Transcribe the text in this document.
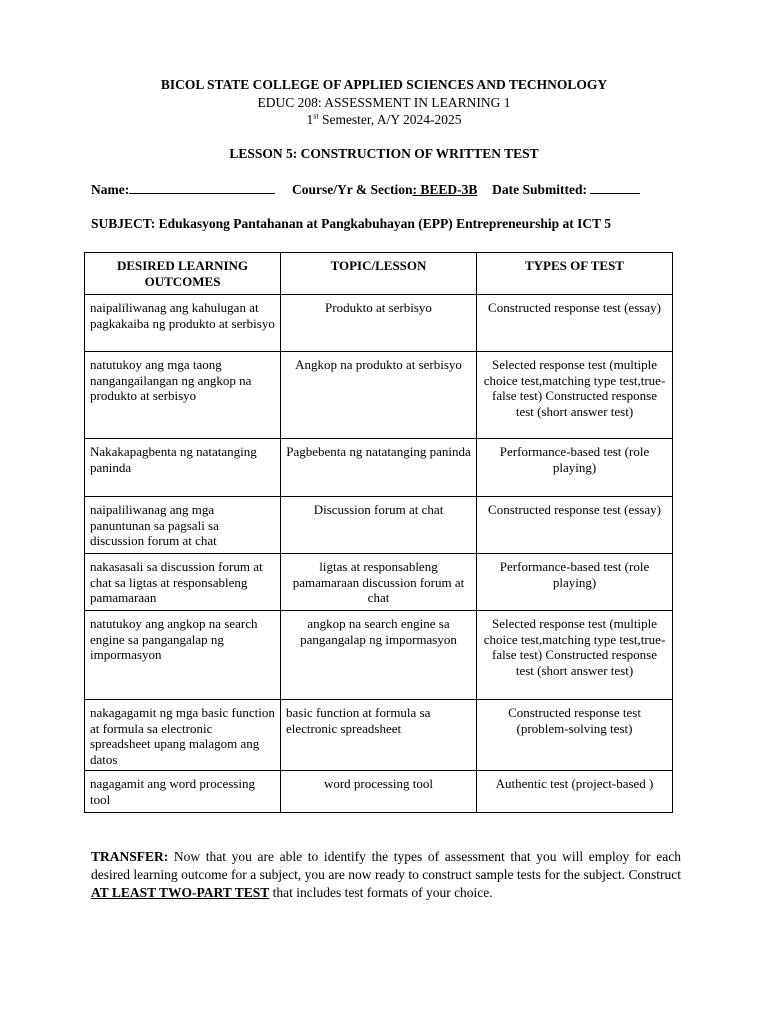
BICOL STATE COLLEGE OF APPLIED SCIENCES AND TECHNOLOGY
EDUC 208: ASSESSMENT IN LEARNING 1
1st Semester, A/Y 2024-2025
LESSON 5: CONSTRUCTION OF WRITTEN TEST
Name:	Course/Yr & Section: BEED-3B Date Submitted:
SUBJECT: Edukasyong Pantahanan at Pangkabuhayan (EPP) Entrepreneurship at ICT 5
DESIRED LEARNING OUTCOMES	TOPIC/LESSON	TYPES OF TEST
naipaliliwanag ang kahulugan at pagkakaiba ng produkto at serbisyo	Produkto at serbisyo	Constructed response test (essay)
natutukoy ang mga taong nangangailangan ng angkop na produkto at serbisyo	Angkop na produkto at serbisyo	Selected response test (multiple choice test,matching type test,true-false test) Constructed response test (short answer test)
Nakakapagbenta ng natatanging paninda	Pagbebenta ng natatanging paninda	Performance-based test (role playing)
naipaliliwanag ang mga panuntunan sa pagsali sa discussion forum at chat	Discussion forum at chat	Constructed response test (essay)
nakasasali sa discussion forum at chat sa ligtas at responsableng pamamaraan	ligtas at responsableng pamamaraan discussion forum at chat	Performance-based test (role playing)
natutukoy ang angkop na search engine sa pangangalap ng impormasyon	angkop na search engine sa pangangalap ng impormasyon	Selected response test (multiple choice test,matching type test,true-false test) Constructed response test (short answer test)
nakagagamit ng mga basic function at formula sa electronic spreadsheet upang malagom ang datos	basic function at formula sa electronic spreadsheet	Constructed response test (problem-solving test)
nagagamit ang word processing tool	word processing tool	Authentic test (project-based )
TRANSFER: Now that you are able to identify the types of assessment that you will employ for each desired learning outcome for a subject, you are now ready to construct sample tests for the subject. Construct AT LEAST TWO-PART TEST that includes test formats of your choice.
